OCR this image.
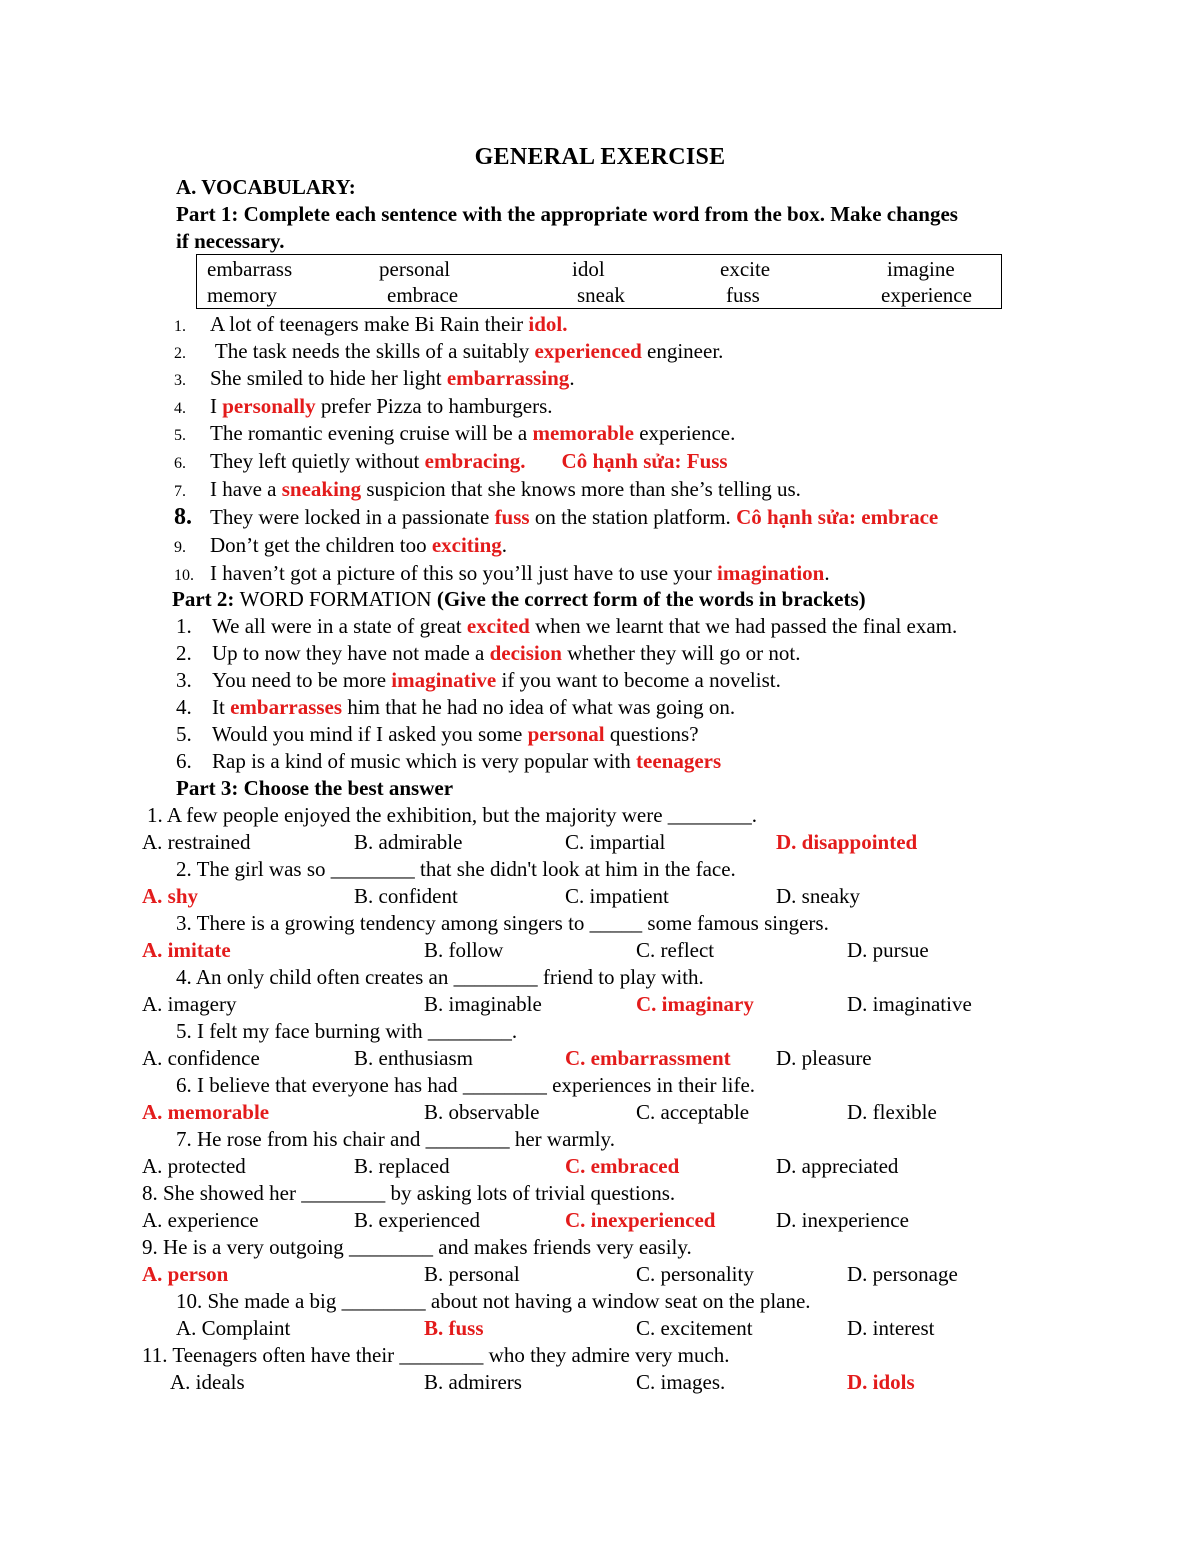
GENERAL EXERCISE
A. VOCABULARY:
Part 1: Complete each sentence with the appropriate word from the box. Make changes
if necessary.
embarrass	personal	idol	excite	imagine
memory	embrace	sneak	fuss	experience
1. A lot of teenagers make Bi Rain their idol.
2. The task needs the skills of a suitably experienced engineer.
3. She smiled to hide her light embarrassing.
4. I personally prefer Pizza to hamburgers.
5. The romantic evening cruise will be a memorable experience.
6. They left quietly without embracing. Cô hạnh sửa: Fuss
7. I have a sneaking suspicion that she knows more than she’s telling us.
8. They were locked in a passionate fuss on the station platform. Cô hạnh sửa: embrace
9. Don’t get the children too exciting.
10. I haven’t got a picture of this so you’ll just have to use your imagination.
Part 2: WORD FORMATION (Give the correct form of the words in brackets)
1. We all were in a state of great excited when we learnt that we had passed the final exam.
2. Up to now they have not made a decision whether they will go or not.
3. You need to be more imaginative if you want to become a novelist.
4. It embarrasses him that he had no idea of what was going on.
5. Would you mind if I asked you some personal questions?
6. Rap is a kind of music which is very popular with teenagers
Part 3: Choose the best answer
1. A few people enjoyed the exhibition, but the majority were ________.
A. restrained	B. admirable	C. impartial	D. disappointed
2. The girl was so ________ that she didn't look at him in the face.
A. shy	B. confident	C. impatient	D. sneaky
3. There is a growing tendency among singers to _____ some famous singers.
A. imitate	B. follow	C. reflect	D. pursue
4. An only child often creates an ________ friend to play with.
A. imagery	B. imaginable	C. imaginary	D. imaginative
5. I felt my face burning with ________.
A. confidence	B. enthusiasm	C. embarrassment D. pleasure
6. I believe that everyone has had ________ experiences in their life.
A. memorable	B. observable	C. acceptable	D. flexible
7. He rose from his chair and ________ her warmly.
A. protected	B. replaced	C. embraced	D. appreciated
8. She showed her ________ by asking lots of trivial questions.
A. experience	B. experienced	C. inexperienced	D. inexperience
9. He is a very outgoing ________ and makes friends very easily.
A. person	B. personal	C. personality	D. personage
10. She made a big ________ about not having a window seat on the plane.
A. Complaint	B. fuss	C. excitement	D. interest
11. Teenagers often have their ________ who they admire very much.
A. ideals	B. admirers	C. images.	D. idols
